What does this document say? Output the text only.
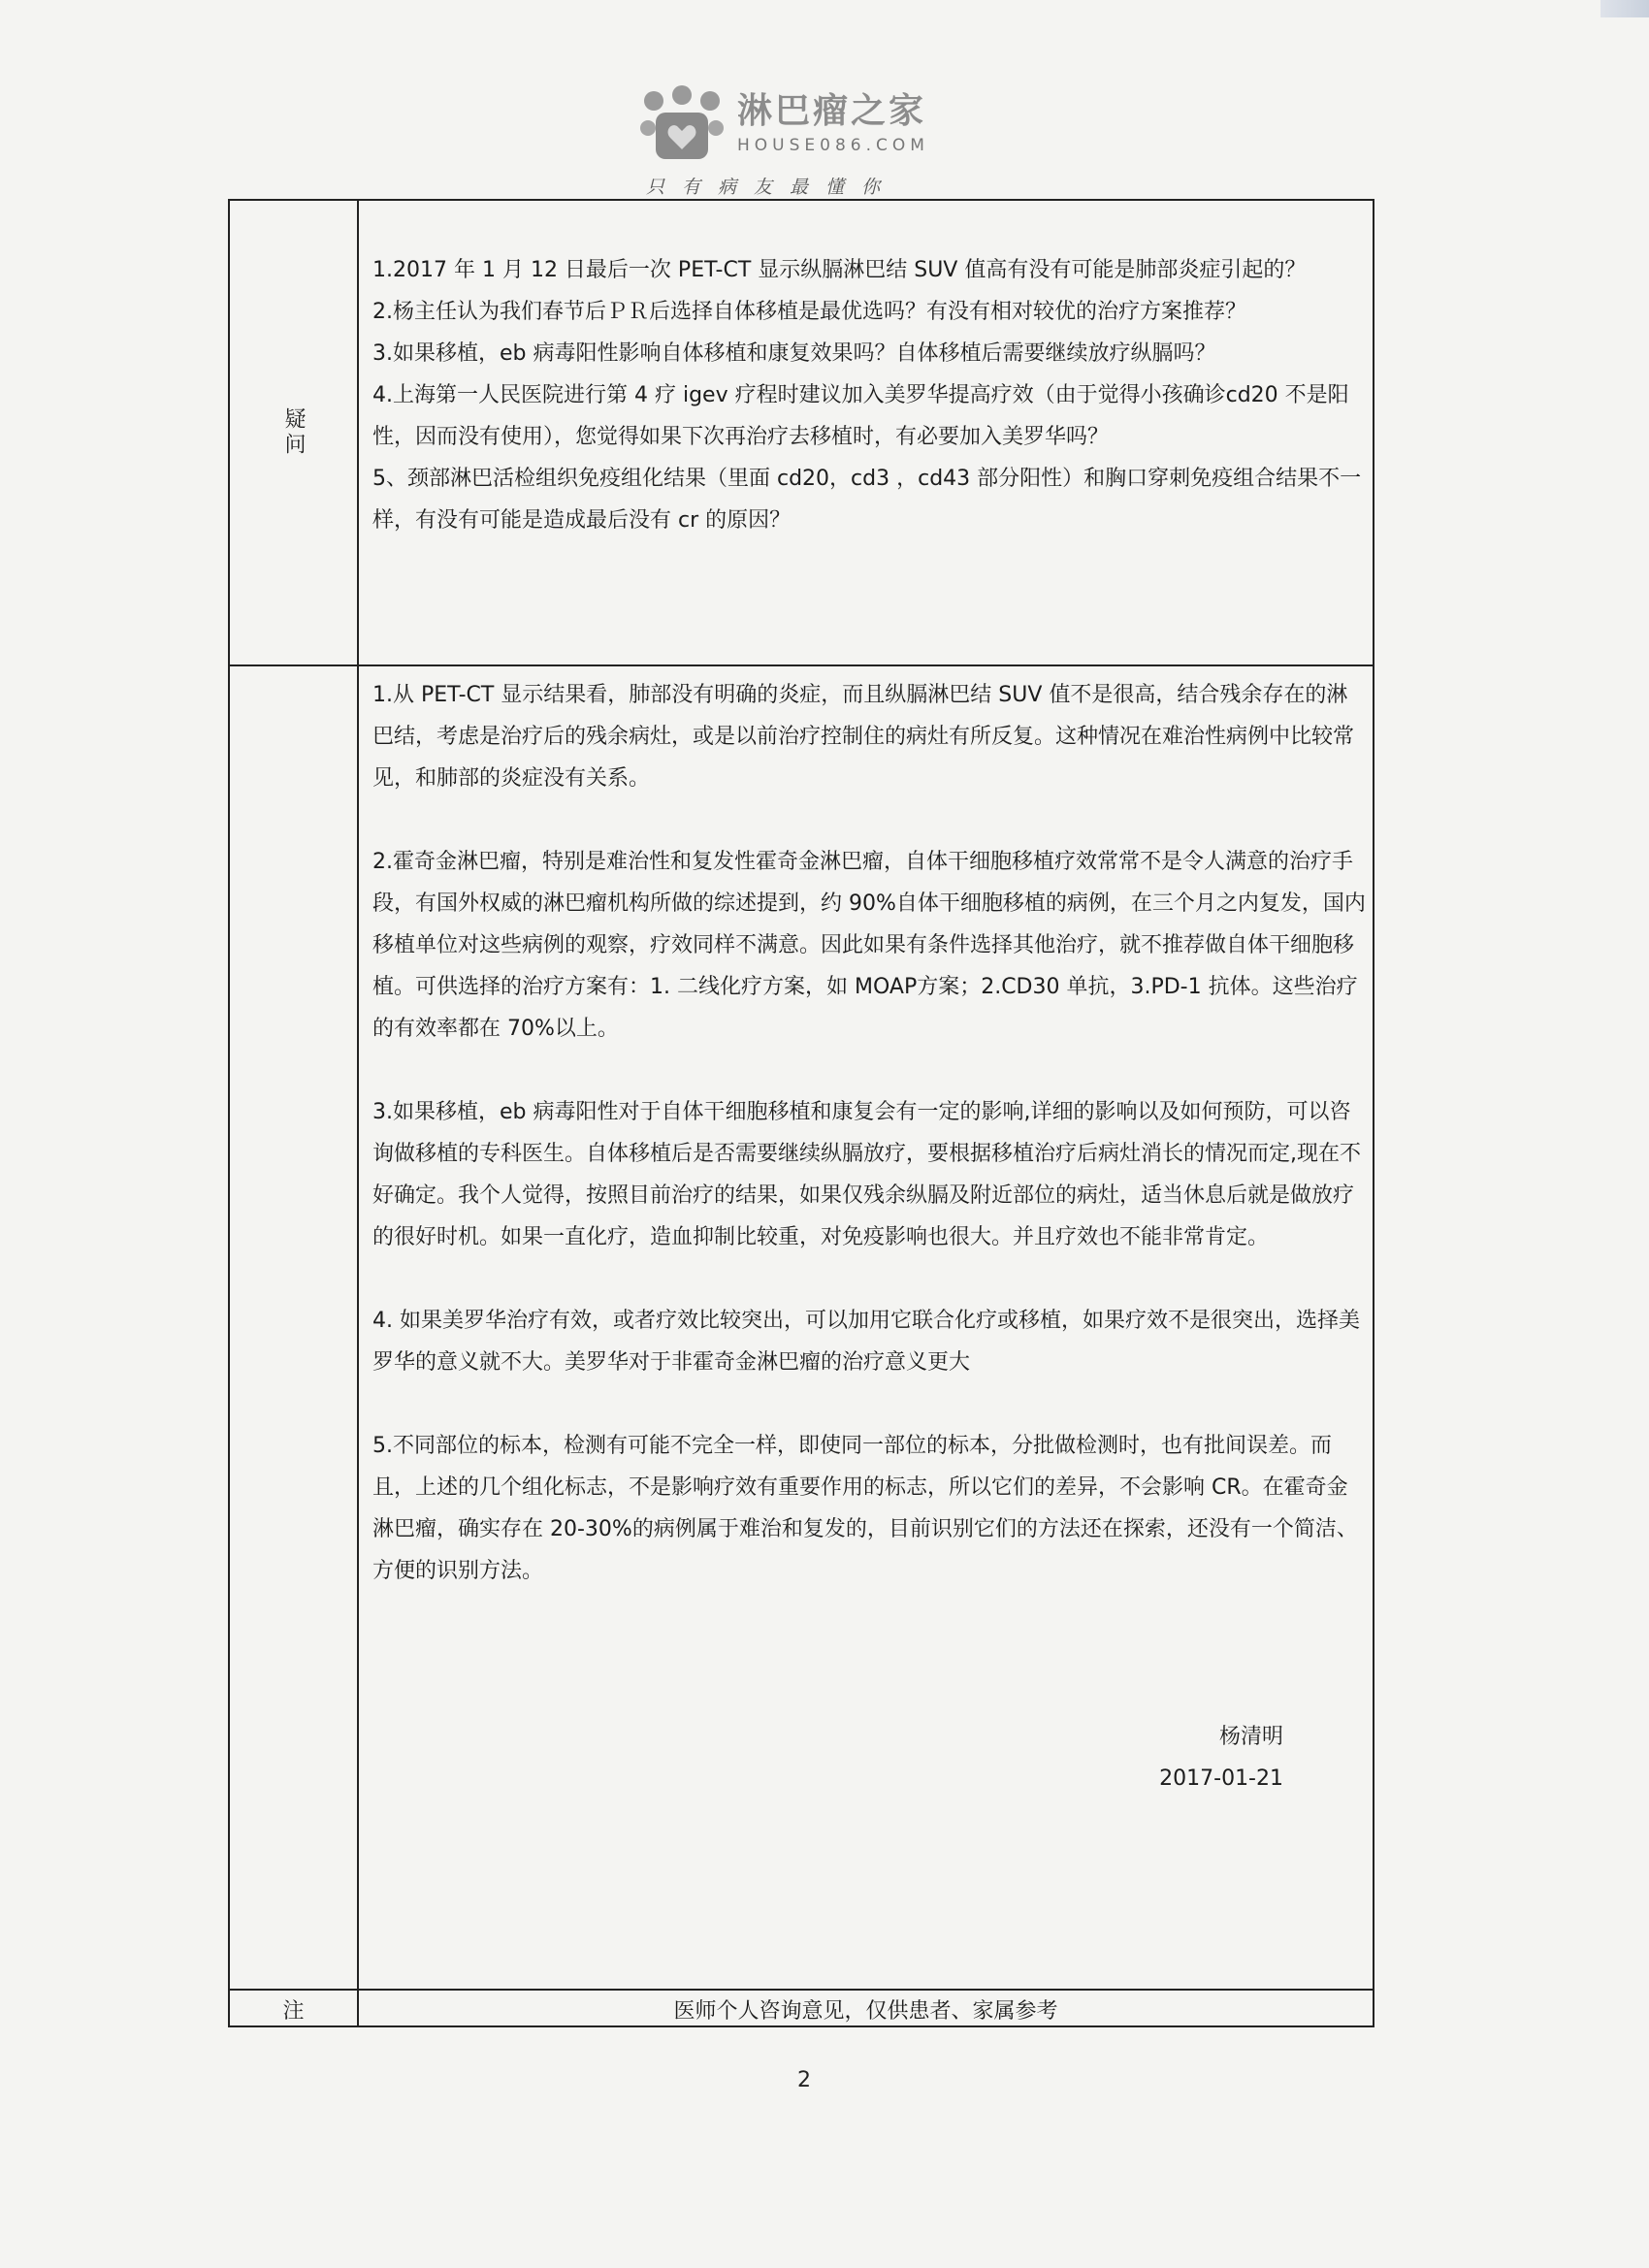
淋巴瘤之家
HOUSE086.COM
只有病友最懂你
疑问

1.2017 年 1 月 12 日最后一次 PET-CT 显示纵膈淋巴结 SUV 值高有没有可能是肺部炎症引起的？

2.杨主任认为我们春节后ＰＲ后选择自体移植是最优选吗？有没有相对较优的治疗方案推荐？

3.如果移植，eb 病毒阳性影响自体移植和康复效果吗？自体移植后需要继续放疗纵膈吗？

4.上海第一人民医院进行第 4 疗 igev 疗程时建议加入美罗华提高疗效（由于觉得小孩确诊cd20 不是阳性，因而没有使用），您觉得如果下次再治疗去移植时，有必要加入美罗华吗？

5、颈部淋巴活检组织免疫组化结果（里面 cd20，cd3 ，cd43 部分阳性）和胸口穿刺免疫组合结果不一样，有没有可能是造成最后没有 cr 的原因？

1.从 PET-CT 显示结果看，肺部没有明确的炎症，而且纵膈淋巴结 SUV 值不是很高，结合残余存在的淋巴结，考虑是治疗后的残余病灶，或是以前治疗控制住的病灶有所反复。这种情况在难治性病例中比较常见，和肺部的炎症没有关系。

2.霍奇金淋巴瘤，特别是难治性和复发性霍奇金淋巴瘤，自体干细胞移植疗效常常不是令人满意的治疗手段，有国外权威的淋巴瘤机构所做的综述提到，约 90%自体干细胞移植的病例，在三个月之内复发，国内移植单位对这些病例的观察，疗效同样不满意。因此如果有条件选择其他治疗，就不推荐做自体干细胞移植。可供选择的治疗方案有：1. 二线化疗方案，如 MOAP方案；2.CD30 单抗，3.PD-1 抗体。这些治疗的有效率都在 70%以上。

3.如果移植，eb 病毒阳性对于自体干细胞移植和康复会有一定的影响,详细的影响以及如何预防，可以咨询做移植的专科医生。自体移植后是否需要继续纵膈放疗，要根据移植治疗后病灶消长的情况而定,现在不好确定。我个人觉得，按照目前治疗的结果，如果仅残余纵膈及附近部位的病灶，适当休息后就是做放疗的很好时机。如果一直化疗，造血抑制比较重，对免疫影响也很大。并且疗效也不能非常肯定。

4. 如果美罗华治疗有效，或者疗效比较突出，可以加用它联合化疗或移植，如果疗效不是很突出，选择美罗华的意义就不大。美罗华对于非霍奇金淋巴瘤的治疗意义更大

5.不同部位的标本，检测有可能不完全一样，即使同一部位的标本，分批做检测时，也有批间误差。而且，上述的几个组化标志，不是影响疗效有重要作用的标志，所以它们的差异，不会影响 CR。在霍奇金淋巴瘤，确实存在 20-30%的病例属于难治和复发的，目前识别它们的方法还在探索，还没有一个简洁、方便的识别方法。

杨清明
2017-01-21
注	医师个人咨询意见，仅供患者、家属参考
2
